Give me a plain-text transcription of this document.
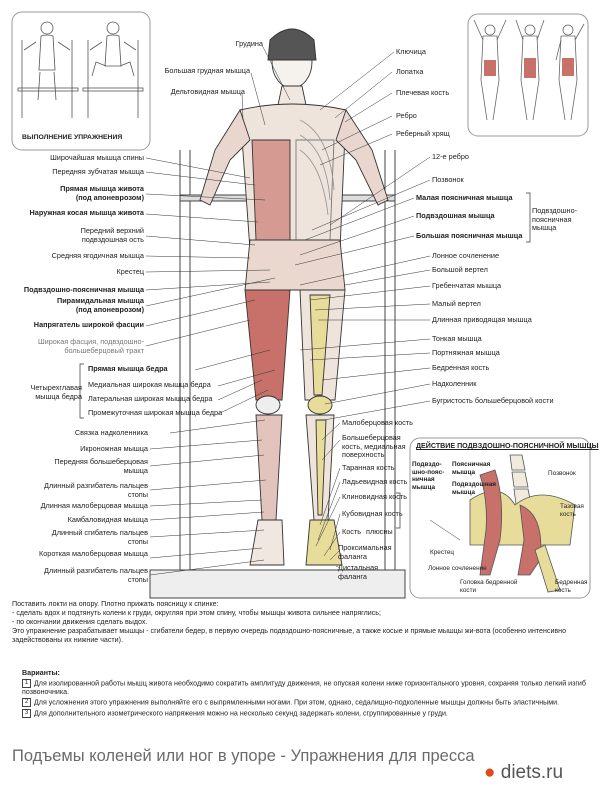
ВЫПОЛНЕНИЕ УПРАЖНЕНИЯ
Грудина
Большая грудная мышца
Дельтовидная мышца
Широчайшая мышца спины
Передняя зубчатая мышца
Прямая мышца живота
(под апоневрозом)
Наружная косая мышца живота
Передний верхний
подвздошная ость
Средняя ягодичная мышца
Крестец
Подвздошно-поясничная мышца
Пирамидальная мышца
(под апоневрозом)
Напрягатель широкой фасции
Широкая фасция, подвздошно-
большеберцовый тракт
Четырехглавая
мышца бедра
Прямая мышца бедра
Медиальная широкая мышца бедра
Латеральная широкая мышца бедра
Промежуточная широкая мышца бедра
Связка надколенника
Икроножная мышца
Передняя большеберцовая
мышца
Длинный разгибатель пальцев
стопы
Длинная малоберцовая мышца
Камбаловидная мышца
Длинный сгибатель пальцев
стопы
Короткая малоберцовая мышца
Длинный разгибатель пальцев
стопы
Ключица
Лопатка
Плечевая кость
Ребро
Реберный хрящ
12-е ребро
Позвонок
Малая поясничная мышца
Подвздошная мышца
Большая поясничная мышца
Подвздошно-
поясничная
мышца
Лонное сочленение
Большой вертел
Гребенчатая мышца
Малый вертел
Длинная приводящая мышца
Тонкая мышца
Портняжная мышца
Бедренная кость
Надколенник
Бугристость большеберцовой кости
Малоберцовая кость
Большеберцовая
кость, медиальная
поверхность
Таранная кость
Ладьевидная кость
Клиновидная кость
Кубовидная кость
Кость плюсны
Проксимальная
фаланга
Дистальная
фаланга
ДЕЙСТВИЕ ПОДВЗДОШНО-ПОЯСНИЧНОЙ МЫШЦЫ
Подвздо-
шно-пояс-
ничная
мышца
Поясничная
мышца
Подвздошная
мышца
Позвонок
Тазовая
кость
Крестец
Лонное сочленение
Головка бедренной
кости
Бедренная
кость
Поставить локти на опору. Плотно прижать поясницу к спинке:
- сделать вдох и подтянуть колени к груди, округляя при этом спину, чтобы мышцы живота сильнее напряглись;
- по окончании движения сделать выдох.
Это упражнение разрабатывает мышцы - сгибатели бедер, в первую очередь подвздошно-поясничные, а также косые и прямые мышцы жи-вота (особенно интенсивно задействованы их нижние части).
Варианты:
1 Для изолированной работы мышц живота необходимо сократить амплитуду движения, не опуская колени ниже горизонтального уровня, сохраняя только легкий изгиб позвоночника.
2 Для усложнения этого упражнения выполняйте его с выпрямленными ногами. При этом, однако, седалищно-подколенные мышцы должны быть эластичными.
3 Для дополнительного изометрического напряжения можно на несколько секунд задержать колени, сгруппированные у груди.
Подъемы коленей или ног в упоре - Упражнения для пресса
● diets.ru
